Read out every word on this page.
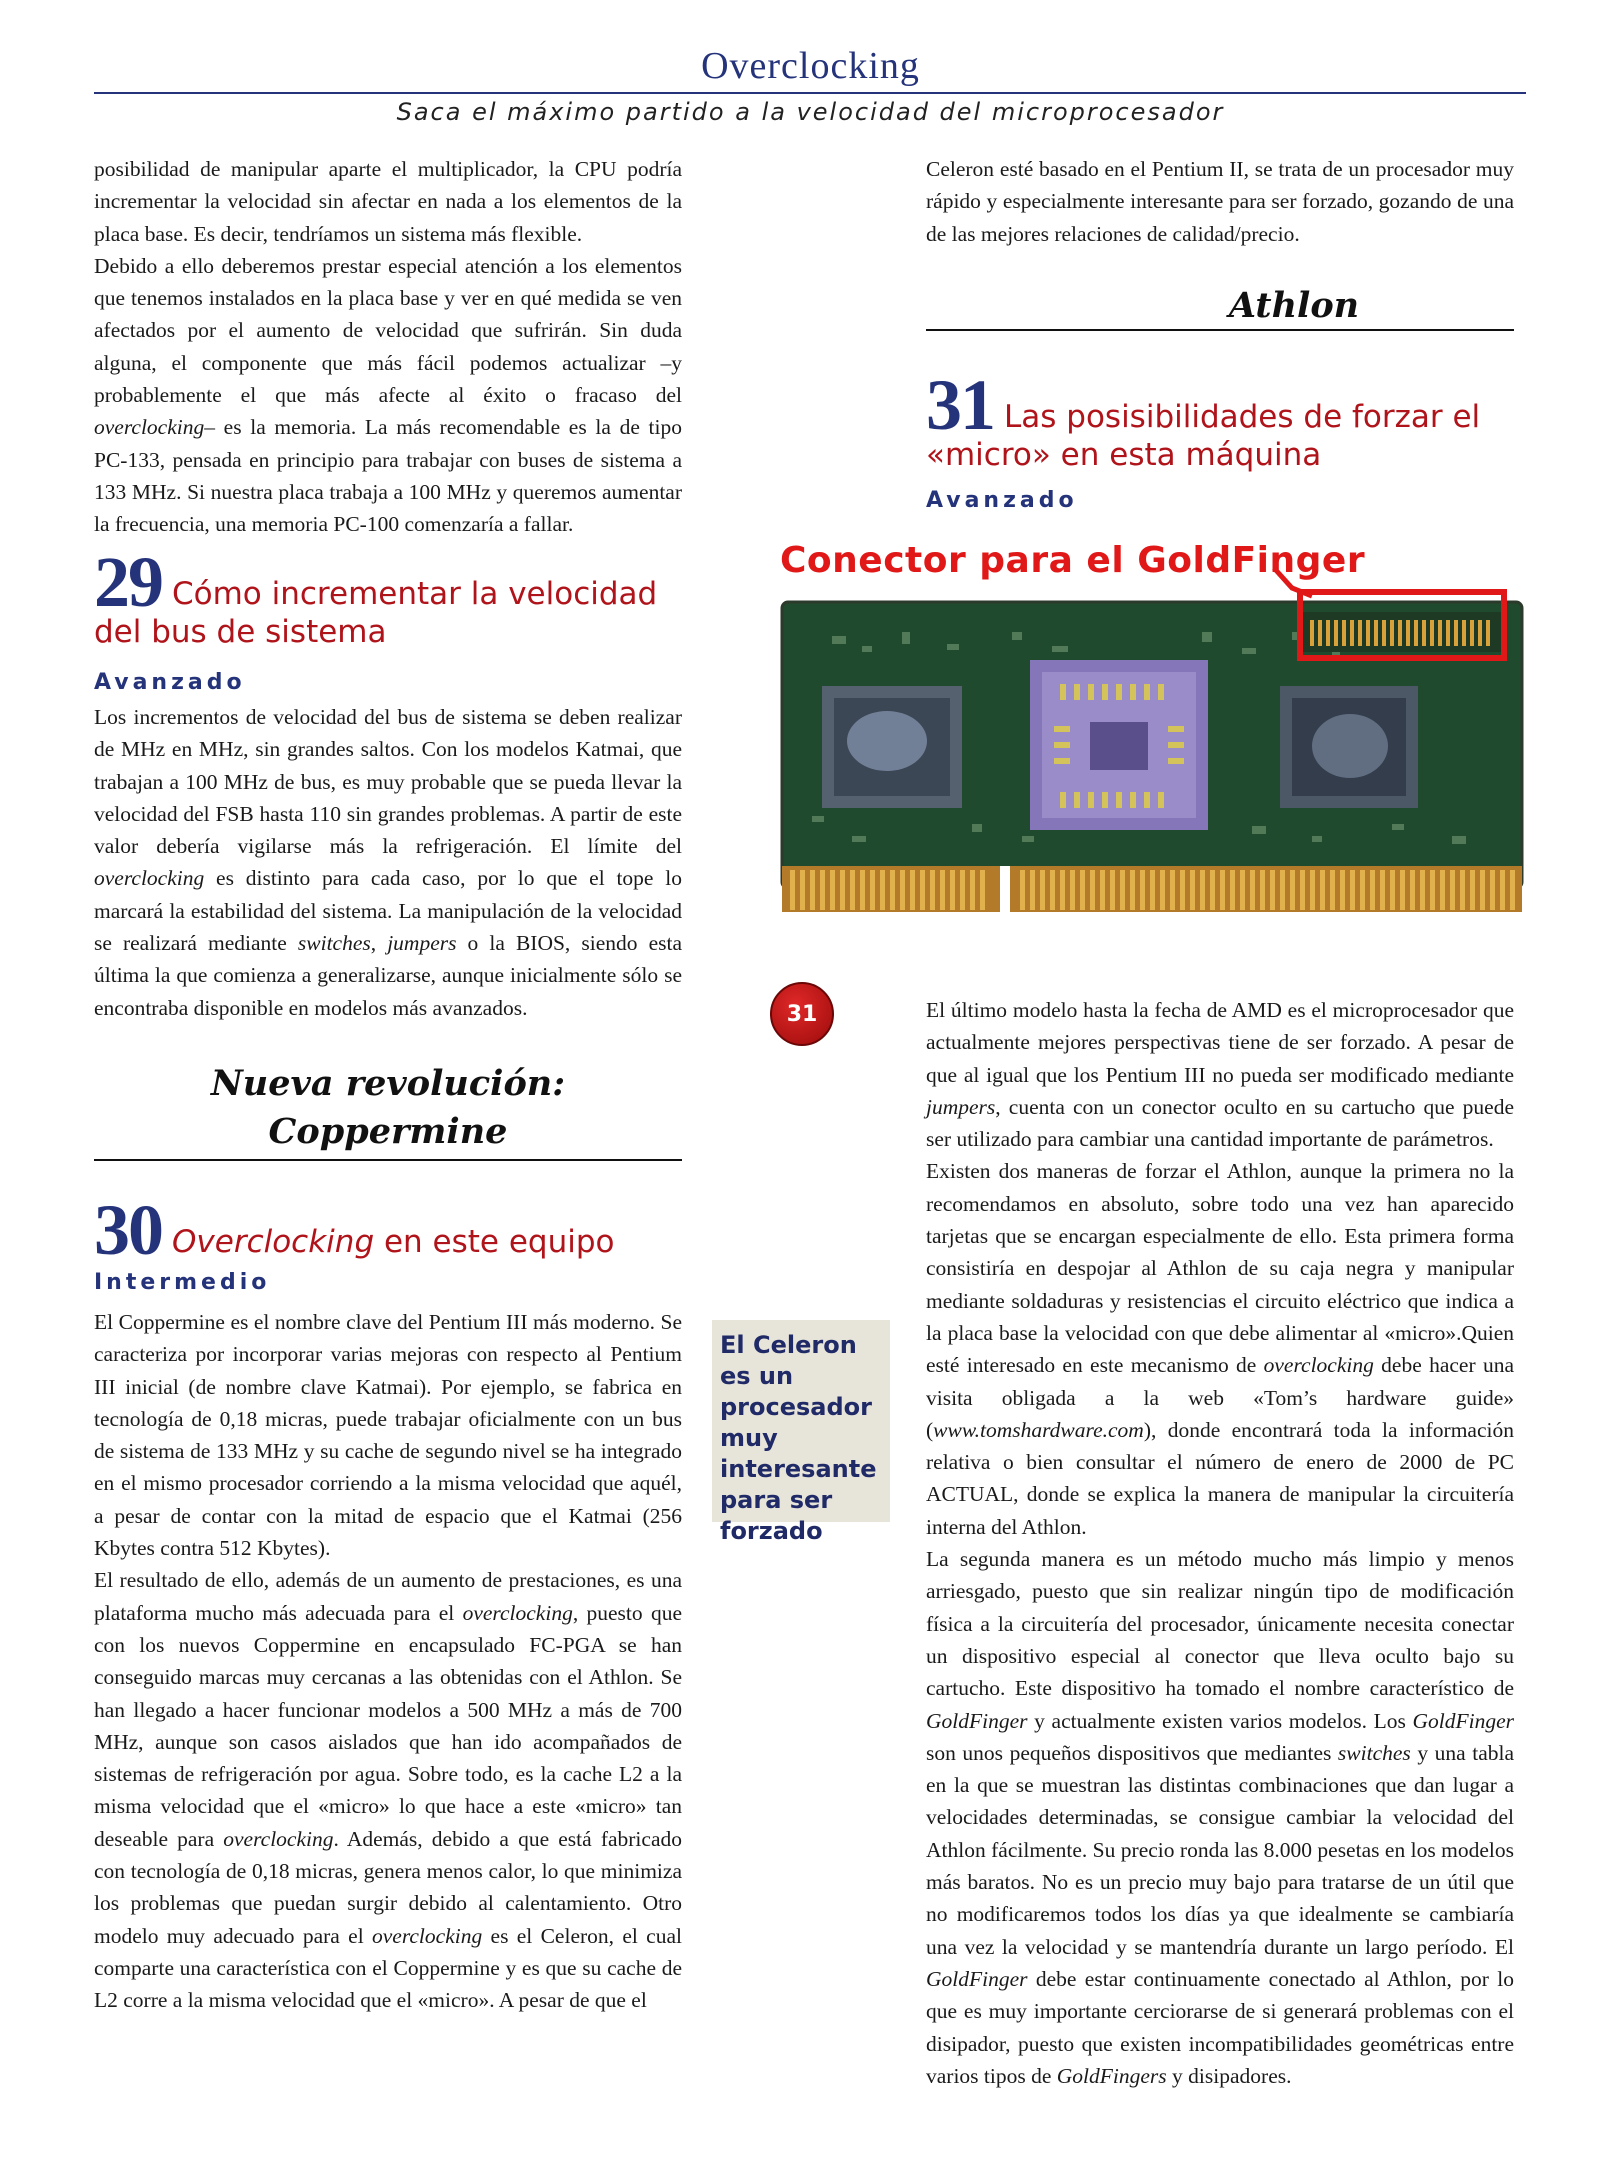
Overclocking
Saca el máximo partido a la velocidad del microprocesador

posibilidad de manipular aparte el multiplicador, la CPU podría incrementar la velocidad sin afectar en nada a los elementos de la placa base. Es decir, tendríamos un sistema más flexible.

Debido a ello deberemos prestar especial atención a los elementos que tenemos instalados en la placa base y ver en qué medida se ven afectados por el aumento de velocidad que sufrirán. Sin duda alguna, el componente que más fácil podemos actualizar –y probablemente el que más afecte al éxito o fracaso del overclocking– es la memoria. La más recomendable es la de tipo PC-133, pensada en principio para trabajar con buses de sistema a 133 MHz. Si nuestra placa trabaja a 100 MHz y queremos aumentar la frecuencia, una memoria PC-100 comenzaría a fallar.

29 Cómo incrementar la velocidad del bus de sistema
Avanzado

Los incrementos de velocidad del bus de sistema se deben realizar de MHz en MHz, sin grandes saltos. Con los modelos Katmai, que trabajan a 100 MHz de bus, es muy probable que se pueda llevar la velocidad del FSB hasta 110 sin grandes problemas. A partir de este valor debería vigilarse más la refrigeración. El límite del overclocking es distinto para cada caso, por lo que el tope lo marcará la estabilidad del sistema. La manipulación de la velocidad se realizará mediante switches, jumpers o la BIOS, siendo esta última la que comienza a generalizarse, aunque inicialmente sólo se encontraba disponible en modelos más avanzados.

Nueva revolución:
Coppermine
30 Overclocking en este equipo
Intermedio

El Coppermine es el nombre clave del Pentium III más moderno. Se caracteriza por incorporar varias mejoras con respecto al Pentium III inicial (de nombre clave Katmai). Por ejemplo, se fabrica en tecnología de 0,18 micras, puede trabajar oficialmente con un bus de sistema de 133 MHz y su cache de segundo nivel se ha integrado en el mismo procesador corriendo a la misma velocidad que aquél, a pesar de contar con la mitad de espacio que el Katmai (256 Kbytes contra 512 Kbytes).

El resultado de ello, además de un aumento de prestaciones, es una plataforma mucho más adecuada para el overclocking, puesto que con los nuevos Coppermine en encapsulado FC-PGA se han conseguido marcas muy cercanas a las obtenidas con el Athlon. Se han llegado a hacer funcionar modelos a 500 MHz a más de 700 MHz, aunque son casos aislados que han ido acompañados de sistemas de refrigeración por agua. Sobre todo, es la cache L2 a la misma velocidad que el «micro» lo que hace a este «micro» tan deseable para overclocking. Además, debido a que está fabricado con tecnología de 0,18 micras, genera menos calor, lo que minimiza los problemas que puedan surgir debido al calentamiento. Otro modelo muy adecuado para el overclocking es el Celeron, el cual comparte una característica con el Coppermine y es que su cache de L2 corre a la misma velocidad que el «micro». A pesar de que el

El Celeron es un procesador muy interesante para ser forzado

Celeron esté basado en el Pentium II, se trata de un procesador muy rápido y especialmente interesante para ser forzado, gozando de una de las mejores relaciones de calidad/precio.

Athlon
31 Las posisibilidades de forzar el «micro» en esta máquina
Avanzado
Conector para el GoldFinger
31	El último modelo hasta la fecha de AMD es el microprocesador que actualmente mejores perspectivas tiene de ser forzado. A pesar de que al igual que los Pentium III no pueda ser modificado mediante jumpers, cuenta con un conector oculto en su cartucho que puede ser utilizado para cambiar una cantidad importante de parámetros.

Existen dos maneras de forzar el Athlon, aunque la primera no la recomendamos en absoluto, sobre todo una vez han aparecido tarjetas que se encargan especialmente de ello. Esta primera forma consistiría en despojar al Athlon de su caja negra y manipular mediante soldaduras y resistencias el circuito eléctrico que indica a la placa base la velocidad con que debe alimentar al «micro».Quien esté interesado en este mecanismo de overclocking debe hacer una visita obligada a la web «Tom’s hardware guide» (www.tomshardware.com), donde encontrará toda la información relativa o bien consultar el número de enero de 2000 de PC ACTUAL, donde se explica la manera de manipular la circuitería interna del Athlon.

La segunda manera es un método mucho más limpio y menos arriesgado, puesto que sin realizar ningún tipo de modificación física a la circuitería del procesador, únicamente necesita conectar un dispositivo especial al conector que lleva oculto bajo su cartucho. Este dispositivo ha tomado el nombre característico de GoldFinger y actualmente existen varios modelos. Los GoldFinger son unos pequeños dispositivos que mediantes switches y una tabla en la que se muestran las distintas combinaciones que dan lugar a velocidades determinadas, se consigue cambiar la velocidad del Athlon fácilmente. Su precio ronda las 8.000 pesetas en los modelos más baratos. No es un precio muy bajo para tratarse de un útil que no modificaremos todos los días ya que idealmente se cambiaría una vez la velocidad y se mantendría durante un largo período. El GoldFinger debe estar continuamente conectado al Athlon, por lo que es muy importante cerciorarse de si generará problemas con el disipador, puesto que existen incompatibilidades geométricas entre varios tipos de GoldFingers y disipadores.
